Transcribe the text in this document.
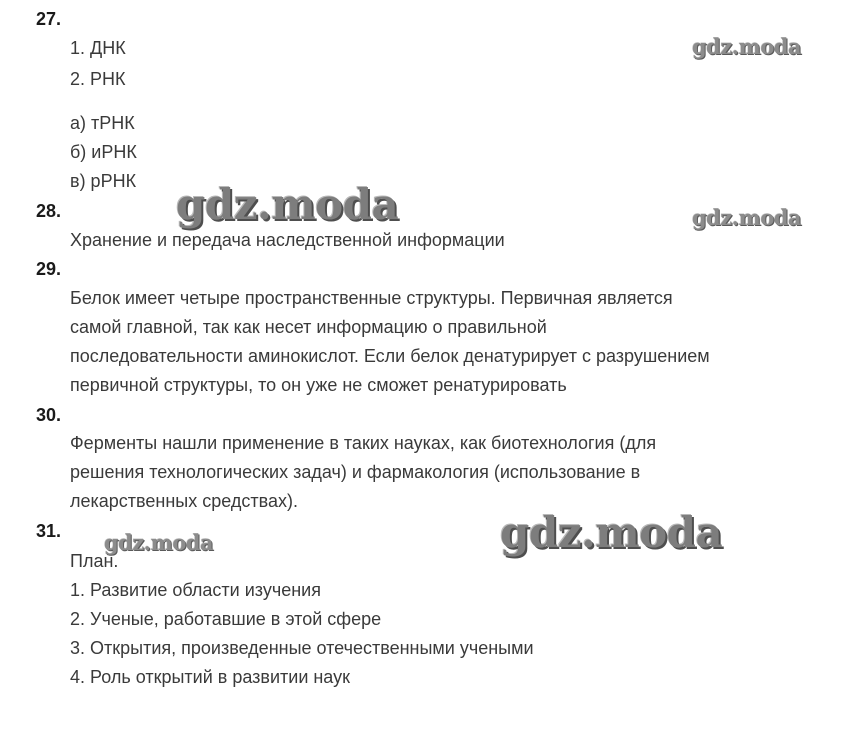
27.
1. ДНК
2. РНК
а) тРНК
б) иРНК
в) рРНК
28.
Хранение и передача наследственной информации
29.
Белок имеет четыре пространственные структуры. Первичная является
самой главной, так как несет информацию о правильной
последовательности аминокислот. Если белок денатурирует с разрушением
первичной структуры, то он уже не сможет ренатурировать
30.
Ферменты нашли применение в таких науках, как биотехнология (для
решения технологических задач) и фармакология (использование в
лекарственных средствах).
31.
План.
1. Развитие области изучения
2. Ученые, работавшие в этой сфере
3. Открытия, произведенные отечественными учеными
4. Роль открытий в развитии наук
gdz.moda
gdz.moda	gdz.moda
gdz.moda	gdz.moda
